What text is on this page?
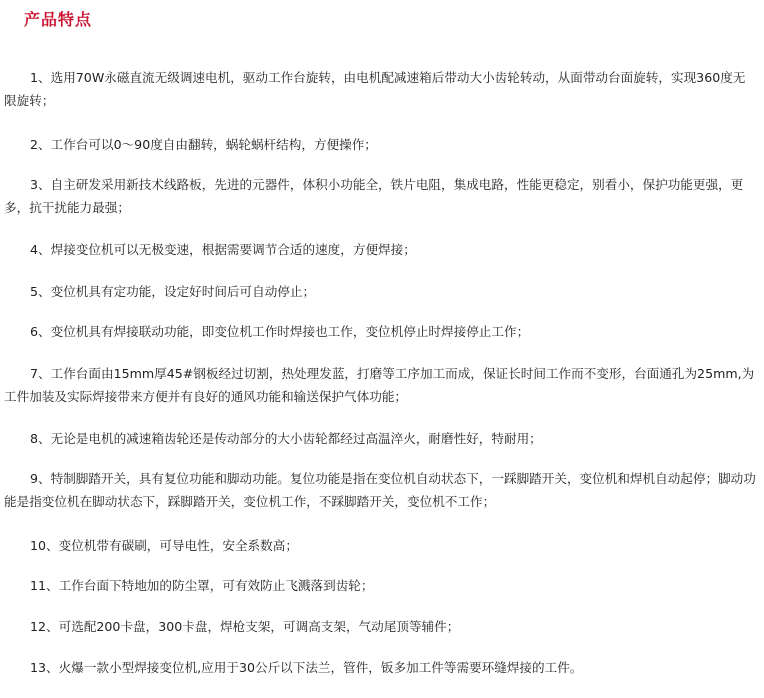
产品特点
1、选用70W永磁直流无级调速电机，驱动工作台旋转，由电机配减速箱后带动大小齿轮转动，从面带动台面旋转，实现360度无限旋转；
2、工作台可以0～90度自由翻转，蜗轮蜗杆结构，方便操作；
3、自主研发采用新技术线路板，先进的元器件，体积小功能全，铁片电阻，集成电路，性能更稳定，别看小，保护功能更强，更多，抗干扰能力最强；
4、焊接变位机可以无极变速，根据需要调节合适的速度，方便焊接；
5、变位机具有定功能，设定好时间后可自动停止；
6、变位机具有焊接联动功能，即变位机工作时焊接也工作，变位机停止时焊接停止工作；
7、工作台面由15mm厚45#钢板经过切割，热处理发蓝，打磨等工序加工而成，保证长时间工作而不变形，台面通孔为25mm,为工件加装及实际焊接带来方便并有良好的通风功能和输送保护气体功能；
8、无论是电机的减速箱齿轮还是传动部分的大小齿轮都经过高温淬火，耐磨性好，特耐用；
9、特制脚踏开关，具有复位功能和脚动功能。复位功能是指在变位机自动状态下，一踩脚踏开关，变位机和焊机自动起停；脚动功能是指变位机在脚动状态下，踩脚踏开关，变位机工作，不踩脚踏开关，变位机不工作；
10、变位机带有碳刷，可导电性，安全系数高；
11、工作台面下特地加的防尘罩，可有效防止飞溅落到齿轮；
12、可选配200卡盘，300卡盘，焊枪支架，可调高支架，气动尾顶等辅件；
13、火爆一款小型焊接变位机,应用于30公斤以下法兰，管件，钣多加工件等需要环缝焊接的工件。
